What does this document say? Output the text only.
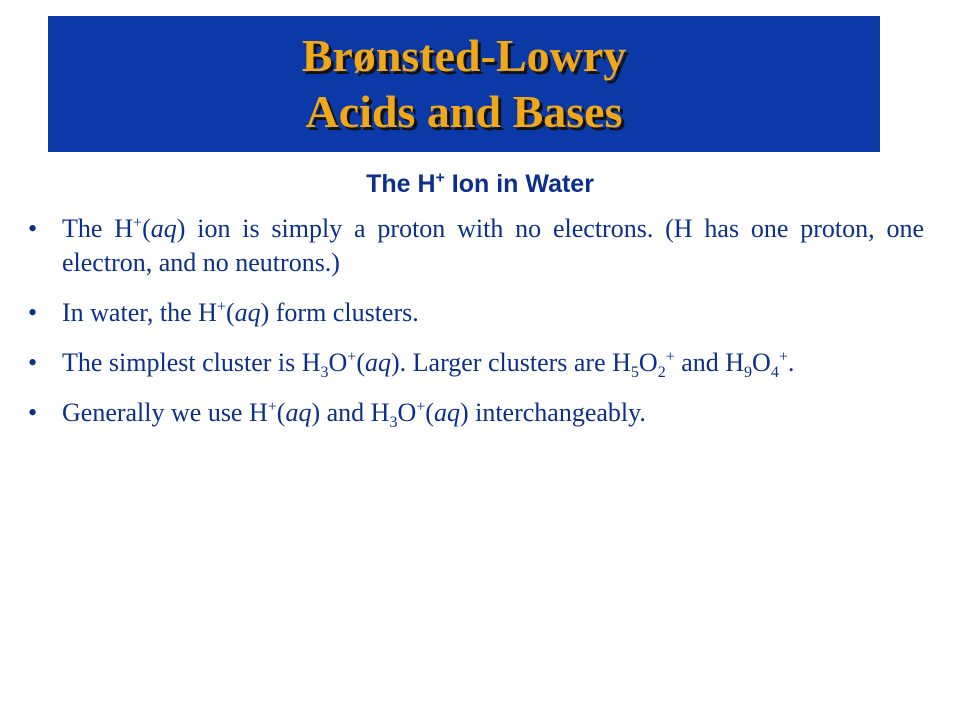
Brønsted-Lowry
Acids and Bases
The H+ Ion in Water
• The H+(aq) ion is simply a proton with no electrons. (H has one proton, one electron, and no neutrons.)
• In water, the H+(aq) form clusters.
• The simplest cluster is $H_3O^+(aq)$. Larger clusters are $H_5O_2^+$ and $H_9O_4^+$.
• Generally we use H+(aq) and $H_3O^+(aq)$ interchangeably.
